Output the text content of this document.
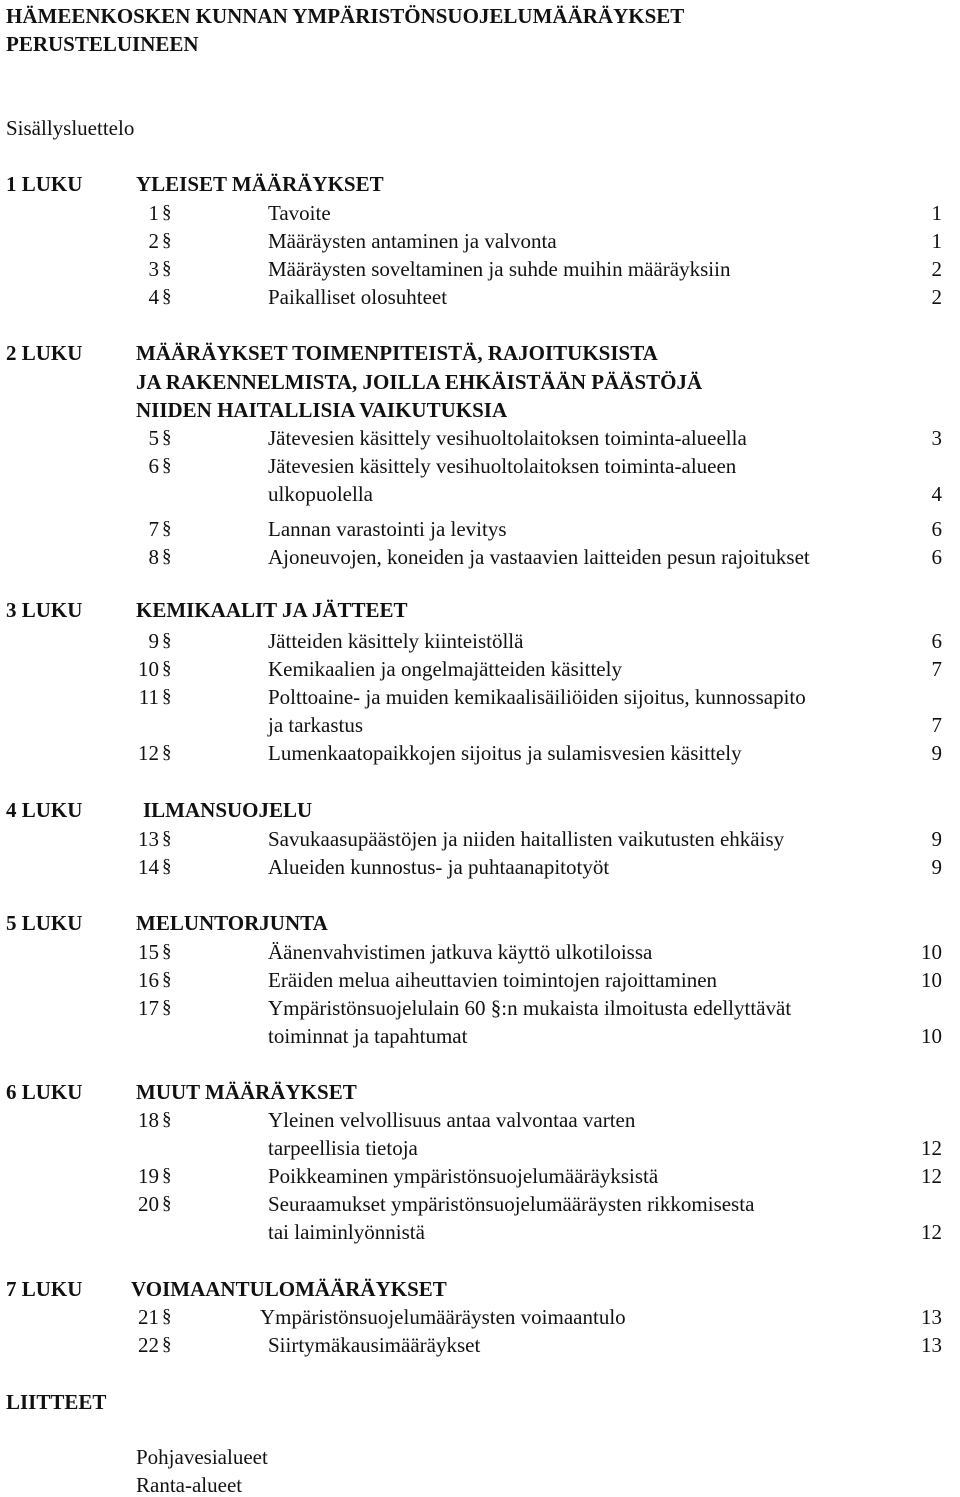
HÄMEENKOSKEN KUNNAN YMPÄRISTÖNSUOJELUMÄÄRÄYKSET
PERUSTELUINEEN
Sisällysluettelo
1 LUKU	YLEISET MÄÄRÄYKSET
1 §	Tavoite	1
2 §	Määräysten antaminen ja valvonta	1
3 §	Määräysten soveltaminen ja suhde muihin määräyksiin	2
4 §	Paikalliset olosuhteet	2
2 LUKU	MÄÄRÄYKSET TOIMENPITEISTÄ, RAJOITUKSISTA
JA RAKENNELMISTA, JOILLA EHKÄISTÄÄN PÄÄSTÖJÄ
NIIDEN HAITALLISIA VAIKUTUKSIA
5 §	Jätevesien käsittely vesihuoltolaitoksen toiminta-alueella	3
6 §	Jätevesien käsittely vesihuoltolaitoksen toiminta-alueen
ulkopuolella	4
7 §	Lannan varastointi ja levitys	6
8 §	Ajoneuvojen, koneiden ja vastaavien laitteiden pesun rajoitukset	6
3 LUKU	KEMIKAALIT JA JÄTTEET
9 §	Jätteiden käsittely kiinteistöllä	6
10 §	Kemikaalien ja ongelmajätteiden käsittely	7
11 §	Polttoaine- ja muiden kemikaalisäiliöiden sijoitus, kunnossapito
ja tarkastus	7
12 §	Lumenkaatopaikkojen sijoitus ja sulamisvesien käsittely	9
4 LUKU	ILMANSUOJELU
13 §	Savukaasupäästöjen ja niiden haitallisten vaikutusten ehkäisy	9
14 §	Alueiden kunnostus- ja puhtaanapitotyöt	9
5 LUKU	MELUNTORJUNTA
15 §	Äänenvahvistimen jatkuva käyttö ulkotiloissa	10
16 §	Eräiden melua aiheuttavien toimintojen rajoittaminen	10
17 §	Ympäristönsuojelulain 60 §:n mukaista ilmoitusta edellyttävät
toiminnat ja tapahtumat	10
6 LUKU	MUUT MÄÄRÄYKSET
18 §	Yleinen velvollisuus antaa valvontaa varten
tarpeellisia tietoja	12
19 §	Poikkeaminen ympäristönsuojelumääräyksistä	12
20 §	Seuraamukset ympäristönsuojelumääräysten rikkomisesta
tai laiminlyönnistä	12
7 LUKU VOIMAANTULOMÄÄRÄYKSET
21 §	Ympäristönsuojelumääräysten voimaantulo	13
22 §	Siirtymäkausimääräykset	13
LIITTEET
Pohjavesialueet
Ranta-alueet
